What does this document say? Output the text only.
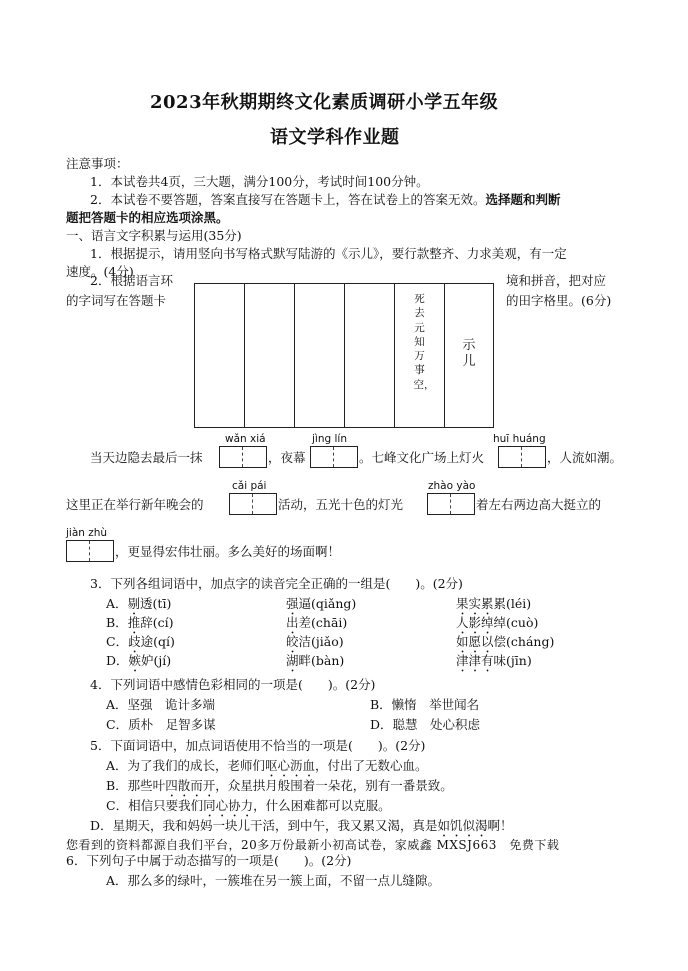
2023年秋期期终文化素质调研小学五年级
语文学科作业题
注意事项：
1．本试卷共4页，三大题，满分100分，考试时间100分钟。
2．本试卷不要答题，答案直接写在答题卡上，答在试卷上的答案无效。选择题和判断
题把答题卡的相应选项涂黑。
一、语言文字积累与运用(35分)
1．根据提示，请用竖向书写格式默写陆游的《示儿》，要行款整齐、力求美观，有一定
速度。(4分)
2．根据语言环
的字词写在答题卡
境和拼音，把对应
的田字格里。(6分)
死去元知万事空，
示儿
wǎn xiá	jìng lín	huī huáng
cǎi pái	zhào yào
jiàn zhù
当天边隐去最后一抹	，夜幕	。七峰文化广场上灯火	，人流如潮。
这里正在举行新年晚会的	活动，五光十色的灯光	着左右两边高大挺立的
，更显得宏伟壮丽。多么美好的场面啊！
3．下列各组词语中，加点字的读音完全正确的一组是(　　)。(2分)
A．剔透(tī)	强逼(qiǎng)	果实累累(léi)
B．推辞(cí)	出差(chāi)	人影绰绰(cuò)
C．歧途(qí)	皎洁(jiǎo)	如愿以偿(cháng)
D．嫉妒(jí)	湖畔(bàn)	津津有味(jīn)
4．下列词语中感情色彩相同的一项是(　　)。(2分)
A．坚强　诡计多端	B．懒惰　举世闻名
C．质朴　足智多谋	D．聪慧　处心积虑
5．下面词语中，加点词语使用不恰当的一项是(　　)。(2分)
A．为了我们的成长，老师们呕心沥血，付出了无数心血。
B．那些叶四散而开，众星拱月般围着一朵花，别有一番景致。
C．相信只要我们同心协力，什么困难都可以克服。
D．星期天，我和妈妈一块儿干活，到中午，我又累又渴，真是如饥似渴啊！
您看到的资料都源自我们平台，20多万份最新小初高试卷，家威鑫 MXSJ663　免费下载
6．下列句子中属于动态描写的一项是(　　)。(2分)
A．那么多的绿叶，一簇堆在另一簇上面，不留一点儿缝隙。
